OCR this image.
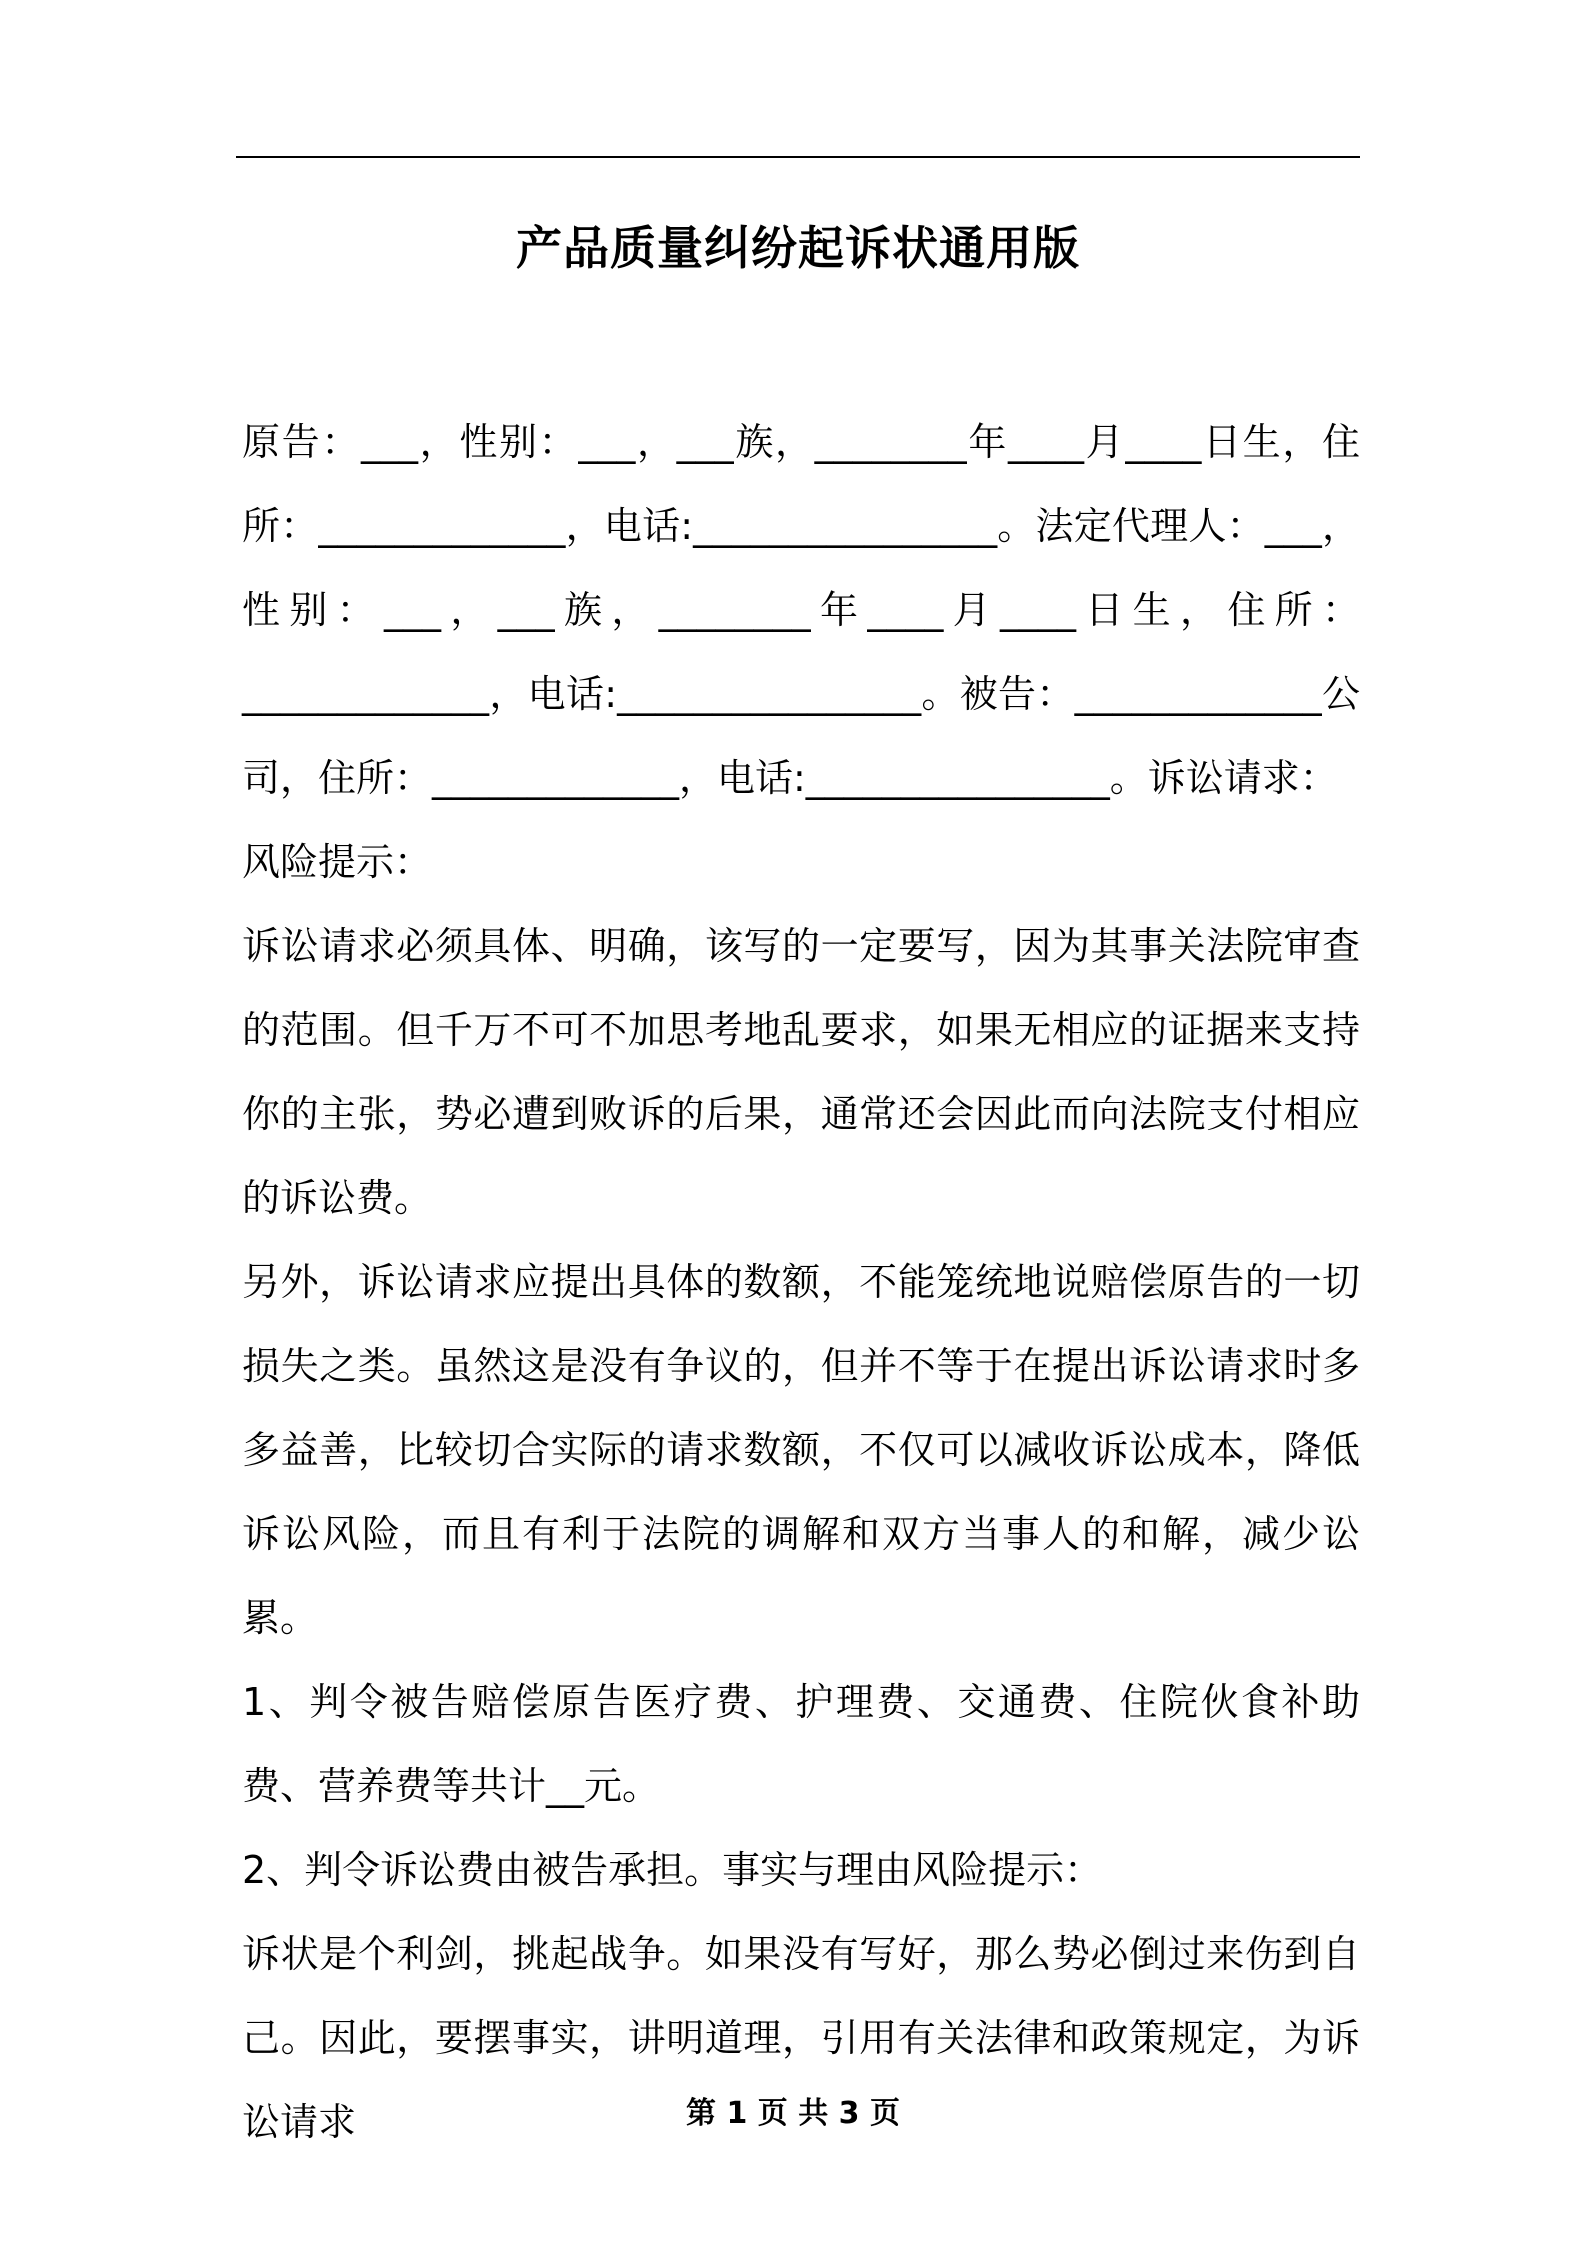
产品质量纠纷起诉状通用版

原告：___，性别：___，___族，________年____月____日生，住所：_____________，电话:________________。法定代理人：___，性别：___，___族，________年____月____日生，住所：_____________，电话:________________。被告：_____________公司，住所：_____________，电话:________________。诉讼请求：

风险提示：

诉讼请求必须具体、明确，该写的一定要写，因为其事关法院审查的范围。但千万不可不加思考地乱要求，如果无相应的证据来支持你的主张，势必遭到败诉的后果，通常还会因此而向法院支付相应的诉讼费。

另外，诉讼请求应提出具体的数额，不能笼统地说赔偿原告的一切损失之类。虽然这是没有争议的，但并不等于在提出诉讼请求时多多益善，比较切合实际的请求数额，不仅可以减收诉讼成本，降低诉讼风险，而且有利于法院的调解和双方当事人的和解，减少讼累。

1、判令被告赔偿原告医疗费、护理费、交通费、住院伙食补助费、营养费等共计__元。

2、判令诉讼费由被告承担。事实与理由风险提示：

诉状是个利剑，挑起战争。如果没有写好，那么势必倒过来伤到自己。因此，要摆事实，讲明道理，引用有关法律和政策规定，为诉讼请求	第 1 页 共 3 页
